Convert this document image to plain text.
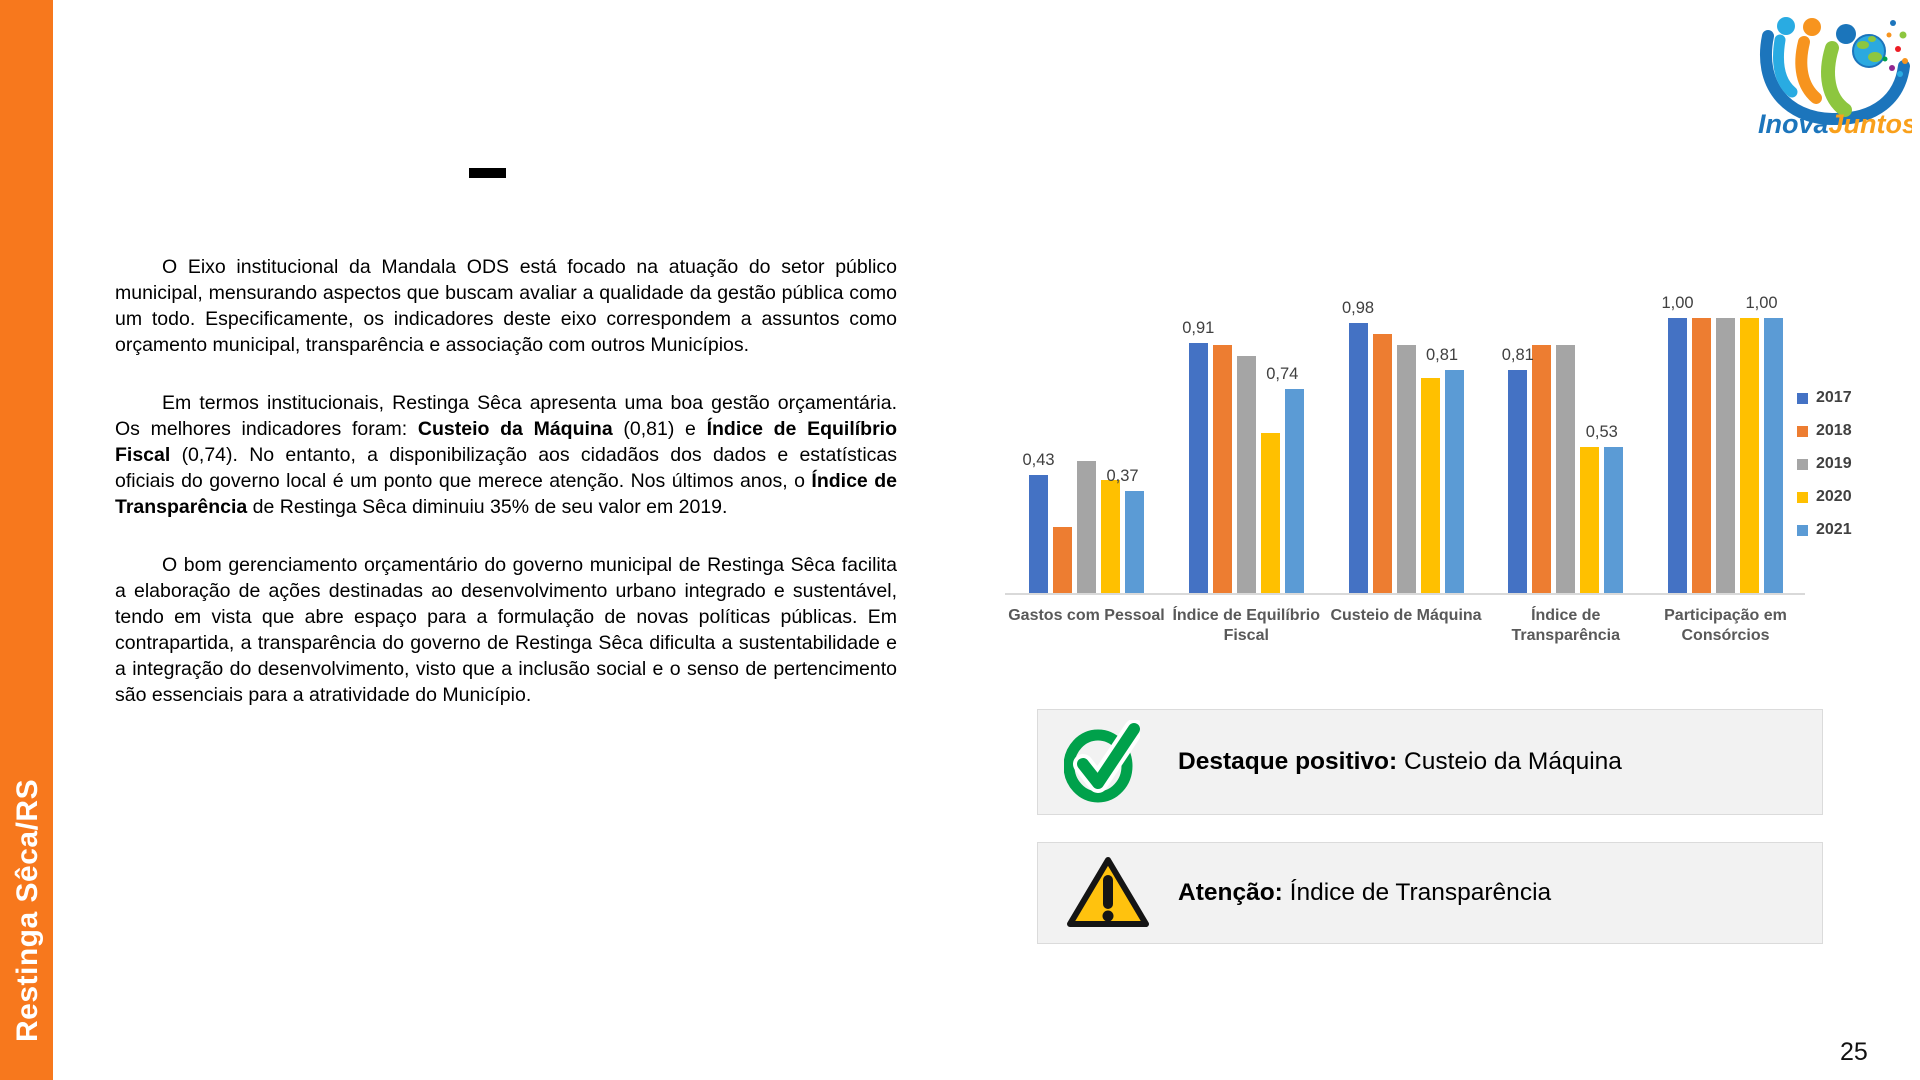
Restinga Sêca/RS
InovaJuntos

O Eixo institucional da Mandala ODS está focado na atuação do setor público municipal, mensurando aspectos que buscam avaliar a qualidade da gestão pública como um todo. Especificamente, os indicadores deste eixo correspondem a assuntos como orçamento municipal, transparência e associação com outros Municípios.

Em termos institucionais, Restinga Sêca apresenta uma boa gestão orçamentária. Os melhores indicadores foram: Custeio da Máquina (0,81) e Índice de Equilíbrio Fiscal (0,74). No entanto, a disponibilização aos cidadãos dos dados e estatísticas oficiais do governo local é um ponto que merece atenção. Nos últimos anos, o Índice de Transparência de Restinga Sêca diminuiu 35% de seu valor em 2019.

O bom gerenciamento orçamentário do governo municipal de Restinga Sêca facilita a elaboração de ações destinadas ao desenvolvimento urbano integrado e sustentável, tendo em vista que abre espaço para a formulação de novas políticas públicas. Em contrapartida, a transparência do governo de Restinga Sêca dificulta a sustentabilidade e a integração do desenvolvimento, visto que a inclusão social e o senso de pertencimento são essenciais para a atratividade do Município.

0,43
0,37
0,91
0,74
0,98
0,81	0,81
0,53
1,00	1,00
Gastos com Pessoal Índice de Equilíbrio Fiscal
Custeio de Máquina	Índice de Transparência
Participação em Consórcios
2017
2018
2019
2020
2021
Destaque positivo: Custeio da Máquina
Atenção: Índice de Transparência
25
